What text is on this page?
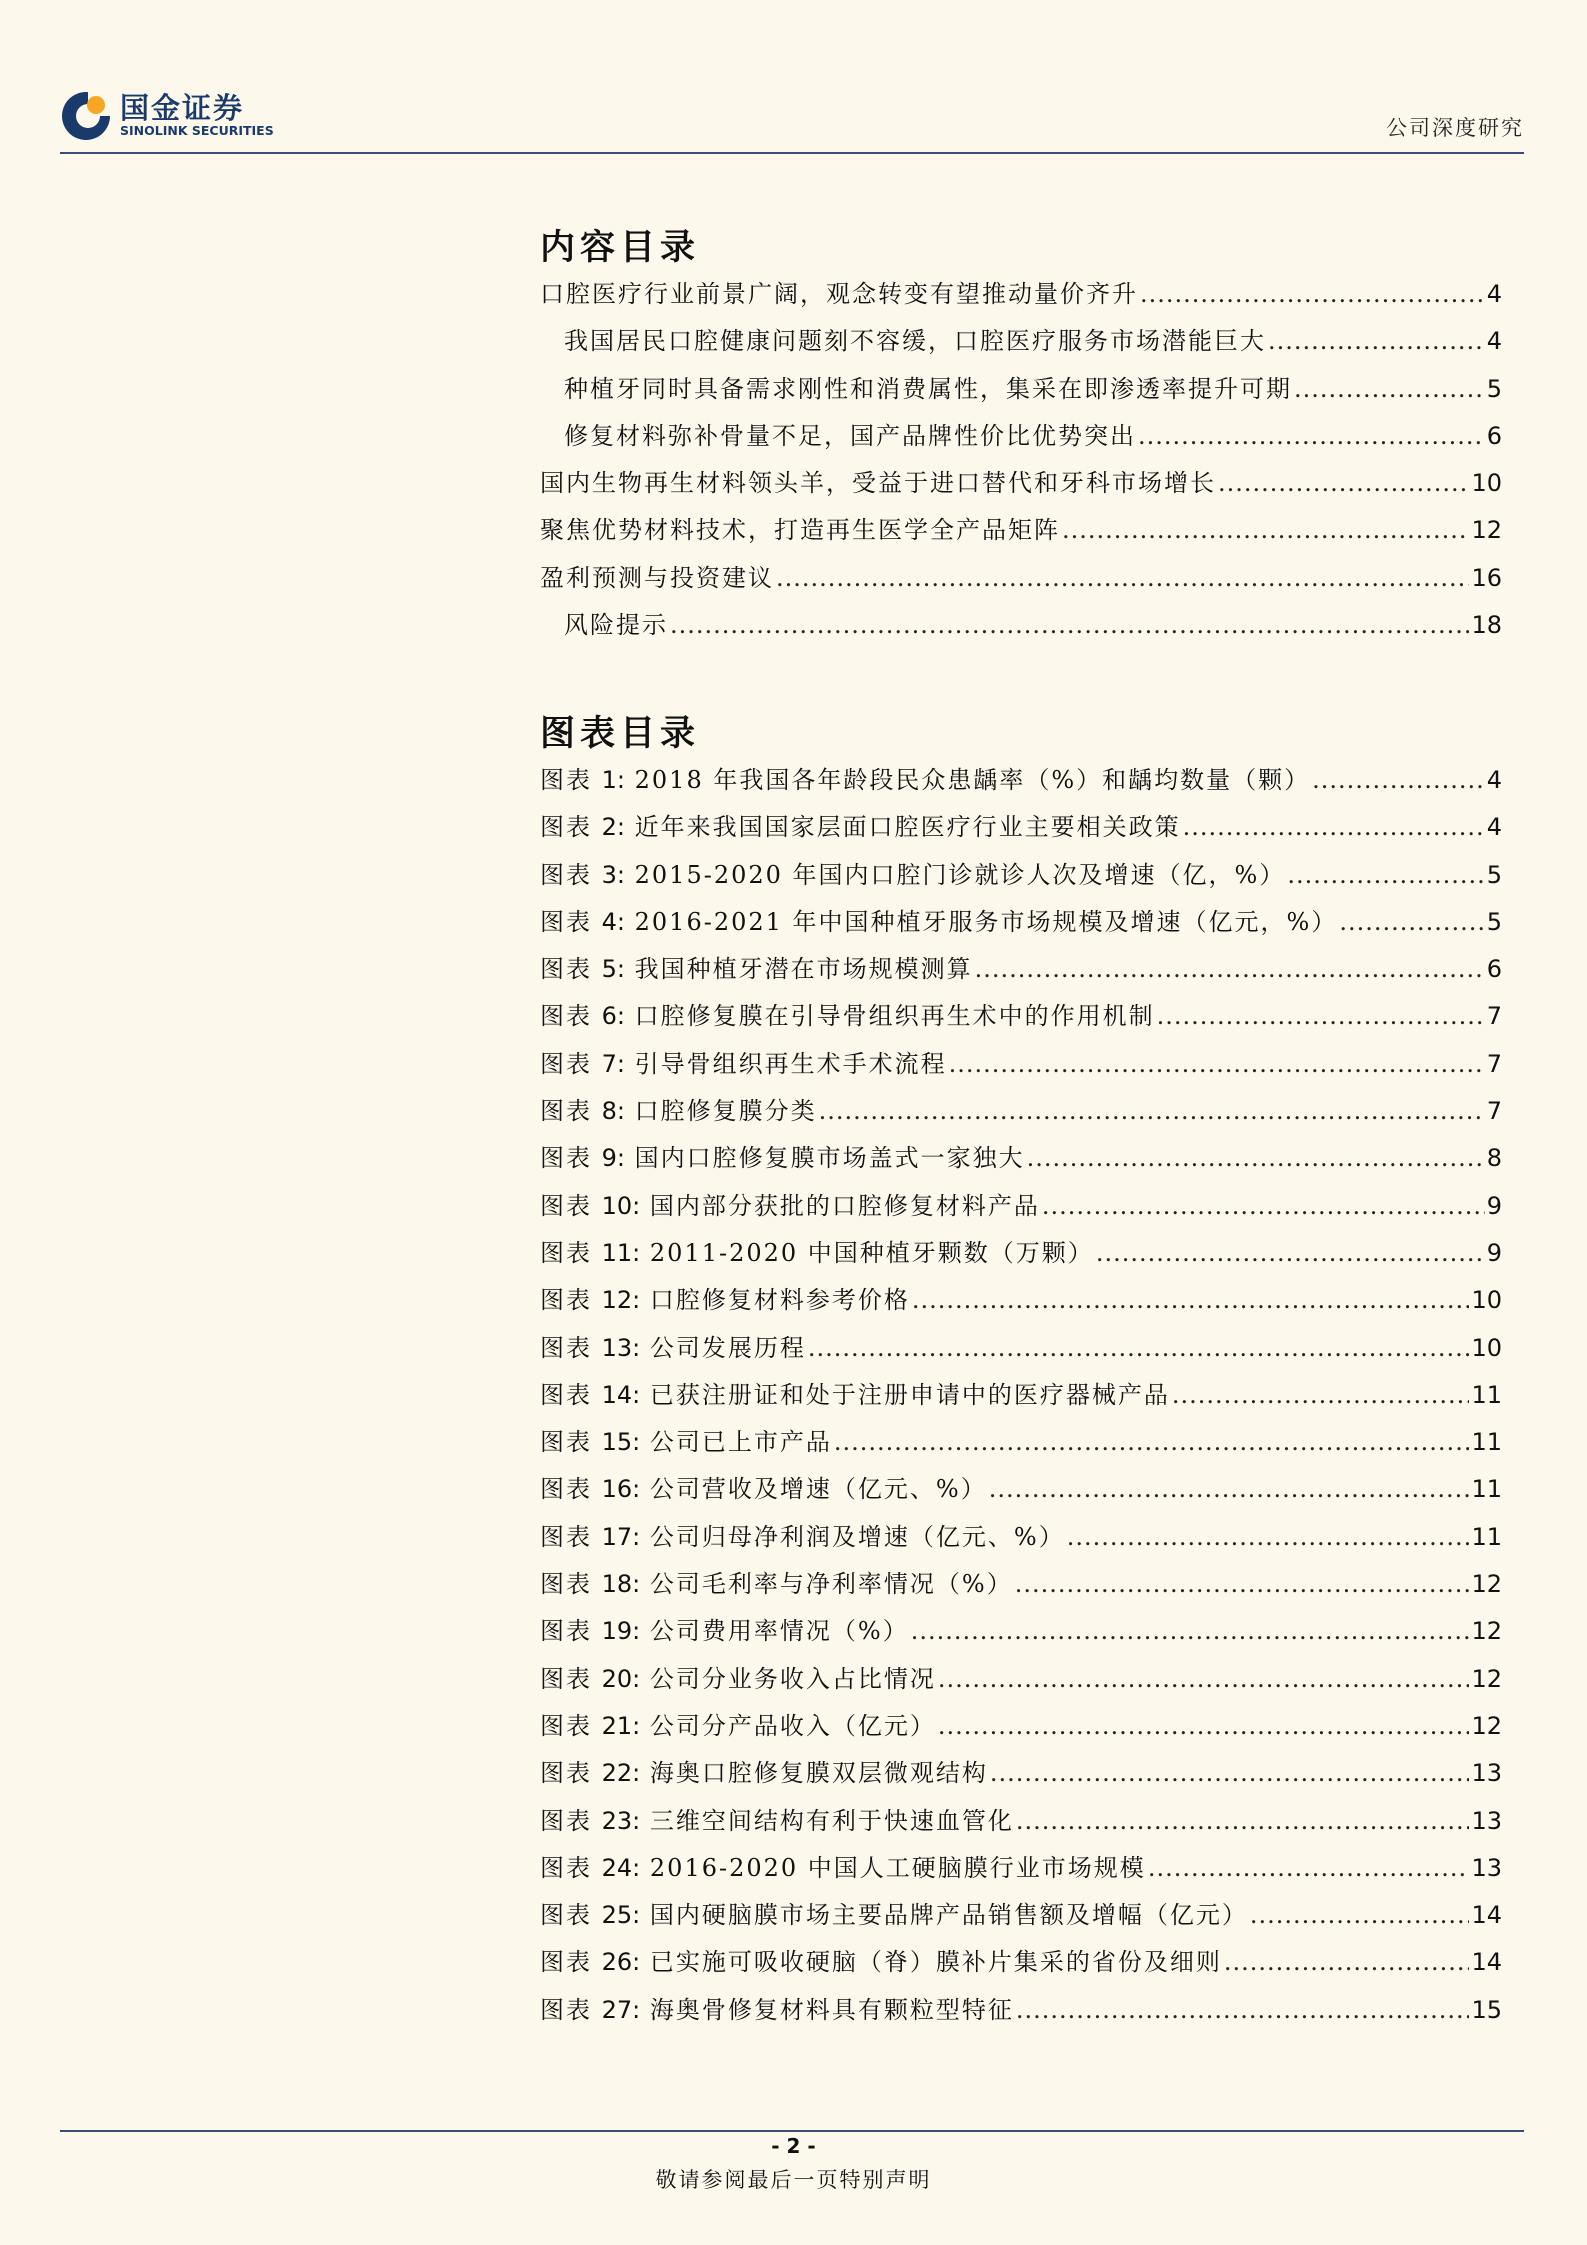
国金证券
SINOLINK SECURITIES	公司深度研究
内容目录
口腔医疗行业前景广阔，观念转变有望推动量价齐升 .....	4
我国居民口腔健康问题刻不容缓，口腔医疗服务市场潜能巨大 .....	4
种植牙同时具备需求刚性和消费属性，集采在即渗透率提升可期 .....	5
修复材料弥补骨量不足，国产品牌性价比优势突出 .....	6
国内生物再生材料领头羊，受益于进口替代和牙科市场增长 .....	10
聚焦优势材料技术，打造再生医学全产品矩阵 .....	12
盈利预测与投资建议 .....	16
风险提示 .....	18
图表目录
图表 1: 2018 年我国各年龄段民众患龋率（%）和龋均数量（颗） .....	4
图表 2: 近年来我国国家层面口腔医疗行业主要相关政策 .....	4
图表 3: 2015-2020 年国内口腔门诊就诊人次及增速（亿，%） .....	5
图表 4: 2016-2021 年中国种植牙服务市场规模及增速（亿元，%） .....	5
图表 5: 我国种植牙潜在市场规模测算 .....	6
图表 6: 口腔修复膜在引导骨组织再生术中的作用机制 .....	7
图表 7: 引导骨组织再生术手术流程 .....	7
图表 8: 口腔修复膜分类 .....	7
图表 9: 国内口腔修复膜市场盖式一家独大 .....	8
图表 10: 国内部分获批的口腔修复材料产品 .....	9
图表 11: 2011-2020 中国种植牙颗数（万颗） .....	9
图表 12: 口腔修复材料参考价格 .....	10
图表 13: 公司发展历程 .....	10
图表 14: 已获注册证和处于注册申请中的医疗器械产品 .....	11
图表 15: 公司已上市产品 .....	11
图表 16: 公司营收及增速（亿元、%） .....	11
图表 17: 公司归母净利润及增速（亿元、%） .....	11
图表 18: 公司毛利率与净利率情况（%） .....	12
图表 19: 公司费用率情况（%） .....	12
图表 20: 公司分业务收入占比情况 .....	12
图表 21: 公司分产品收入（亿元） .....	12
图表 22: 海奥口腔修复膜双层微观结构 .....	13
图表 23: 三维空间结构有利于快速血管化 .....	13
图表 24: 2016-2020 中国人工硬脑膜行业市场规模 .....	13
图表 25: 国内硬脑膜市场主要品牌产品销售额及增幅（亿元） .....	14
图表 26: 已实施可吸收硬脑（脊）膜补片集采的省份及细则 .....	14
图表 27: 海奥骨修复材料具有颗粒型特征 .....	15
- 2 -
敬请参阅最后一页特别声明
